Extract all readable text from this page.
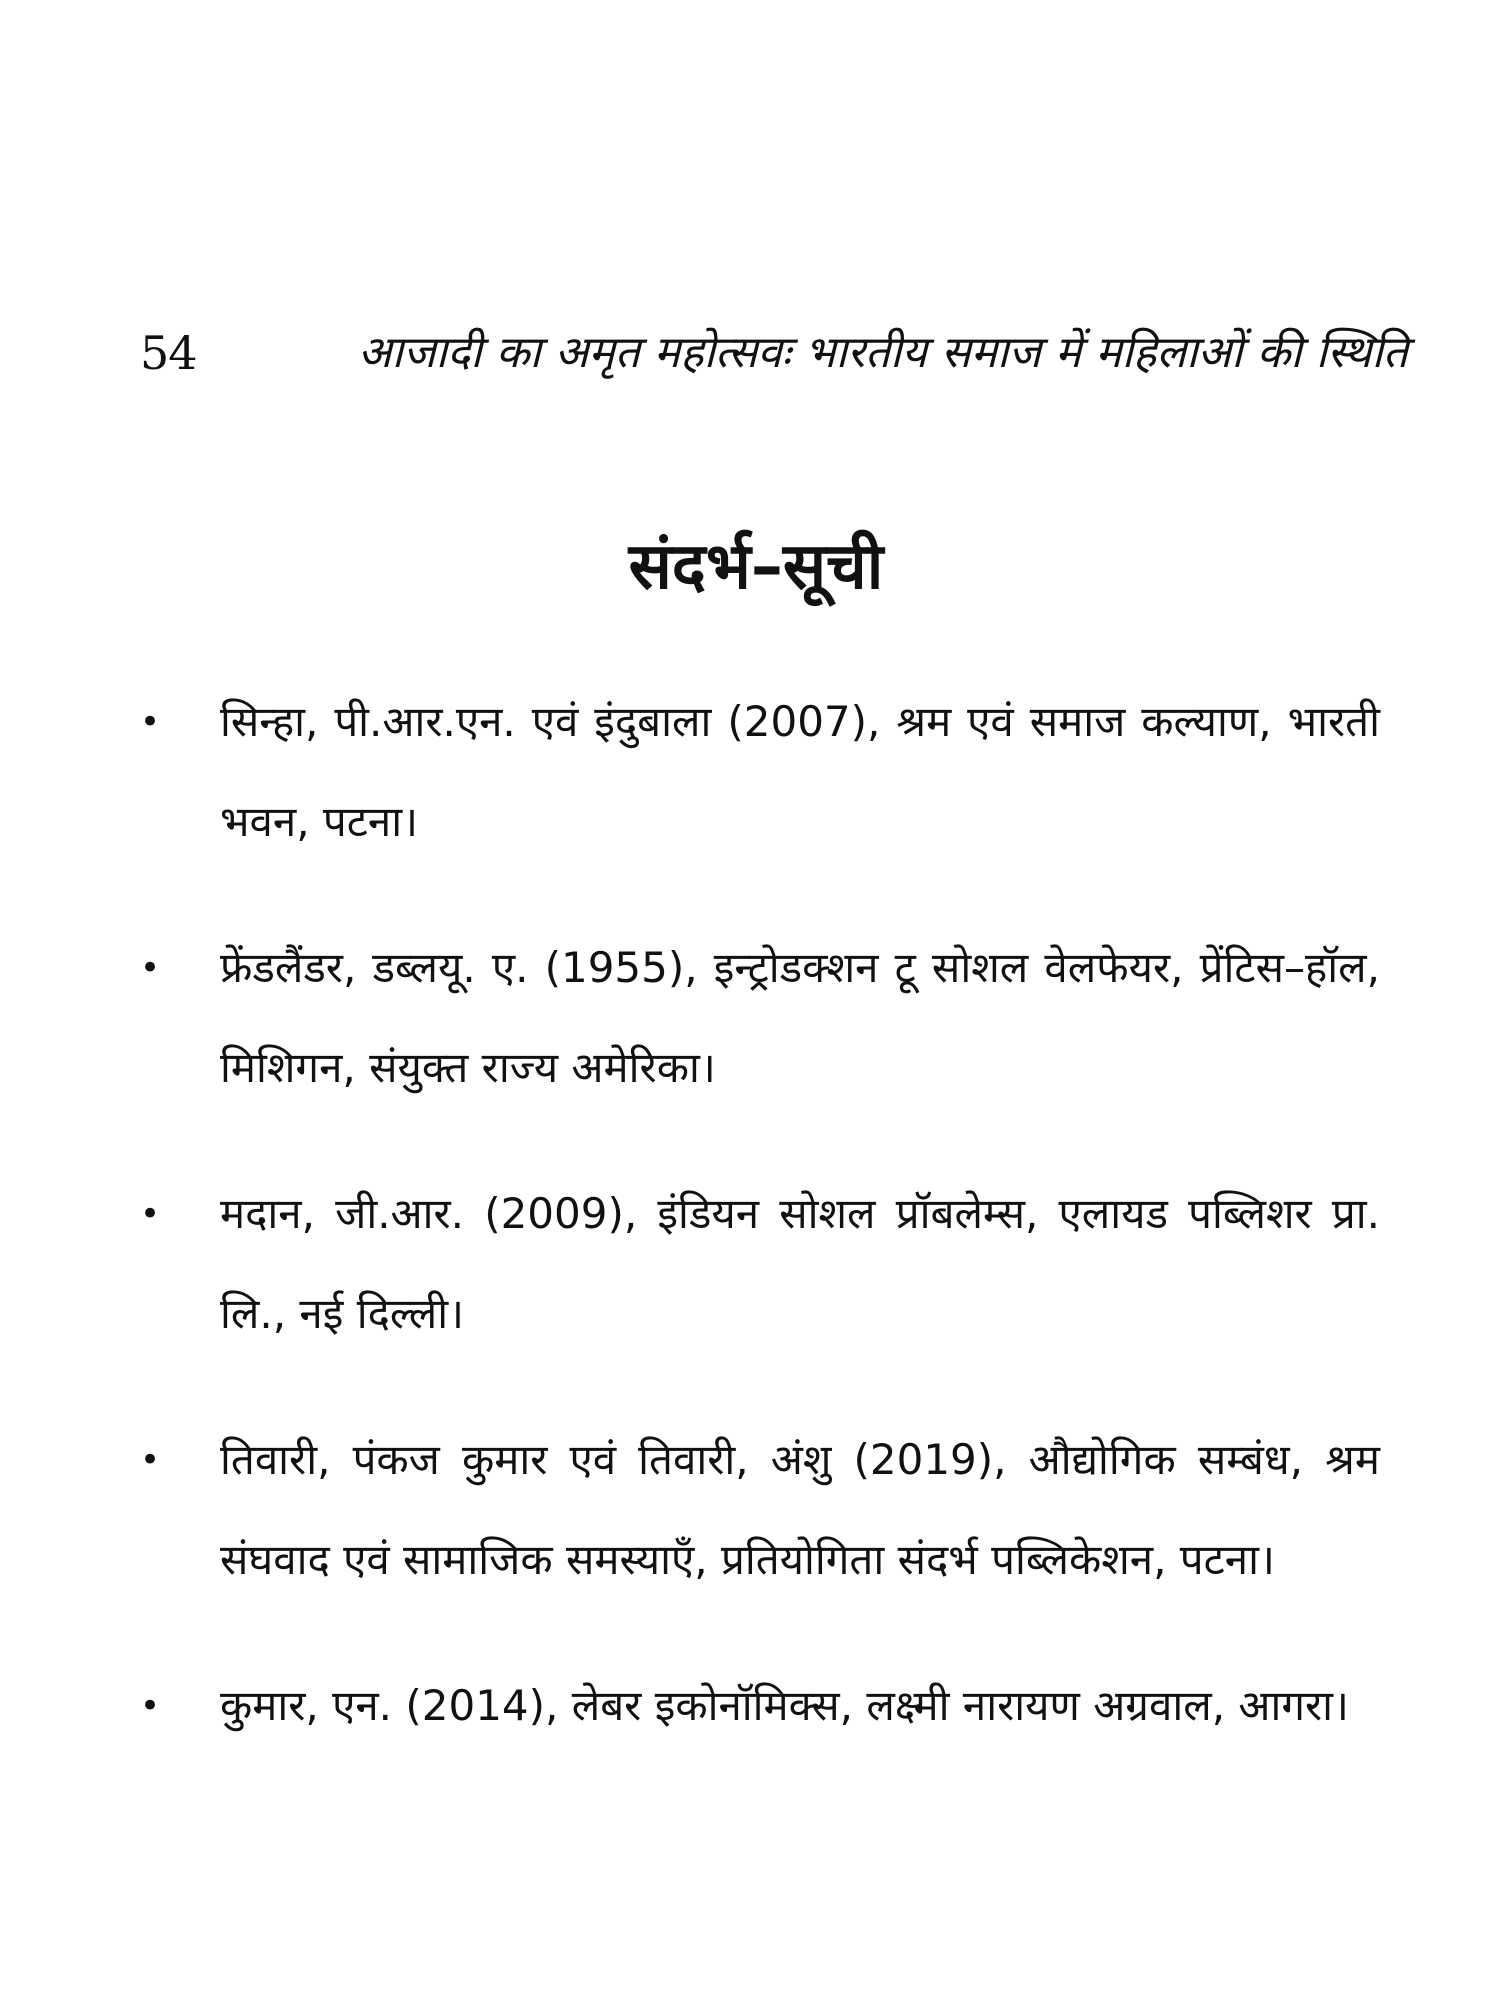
54	आजादी का अमृत महोत्सवः भारतीय समाज में महिलाओं की स्थिति
संदर्भ–सूची
• सिन्हा, पी.आर.एन. एवं इंदुबाला (2007), श्रम एवं समाज कल्याण, भारती भवन, पटना।
• फ्रेंडलैंडर, डब्लयू. ए. (1955), इन्ट्रोडक्शन टू सोशल वेलफेयर, प्रेंटिस–हॉल, मिशिगन, संयुक्त राज्य अमेरिका।
• मदान, जी.आर. (2009), इंडियन सोशल प्रॉबलेम्स, एलायड पब्लिशर प्रा. लि., नई दिल्ली।
• तिवारी, पंकज कुमार एवं तिवारी, अंशु (2019), औद्योगिक सम्बंध, श्रम संघवाद एवं सामाजिक समस्याएँ, प्रतियोगिता संदर्भ पब्लिकेशन, पटना।
• कुमार, एन. (2014), लेबर इकोनॉमिक्स, लक्ष्मी नारायण अग्रवाल, आगरा।
